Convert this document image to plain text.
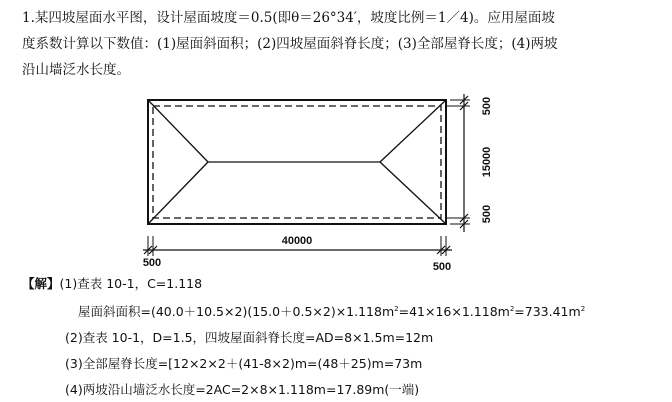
1.某四坡屋面水平图，设计屋面坡度＝0.5(即θ＝26°34′，坡度比例＝1／4)。应用屋面坡
度系数计算以下数值：(1)屋面斜面积；(2)四坡屋面斜脊长度；(3)全部屋脊长度；(4)两坡
沿山墙泛水长度。
500
15000
500
40000
500	500
【解】(1)查表 10-1，C=1.118
屋面斜面积$=(40.0+10.5\times 2)(15.0+0.5\times 2)\times 1.118m^2=41\times 16\times 1.118m^2=733.41m^2$
(2)查表 10-1，D=1.5，四坡屋面斜脊长度=AD=8×1.5m=12m
(3)全部屋脊长度=[12×2×2＋(41-8×2)m=(48＋25)m=73m
(4)两坡沿山墙泛水长度=2AC=2×8×1.118m=17.89m(一端)
